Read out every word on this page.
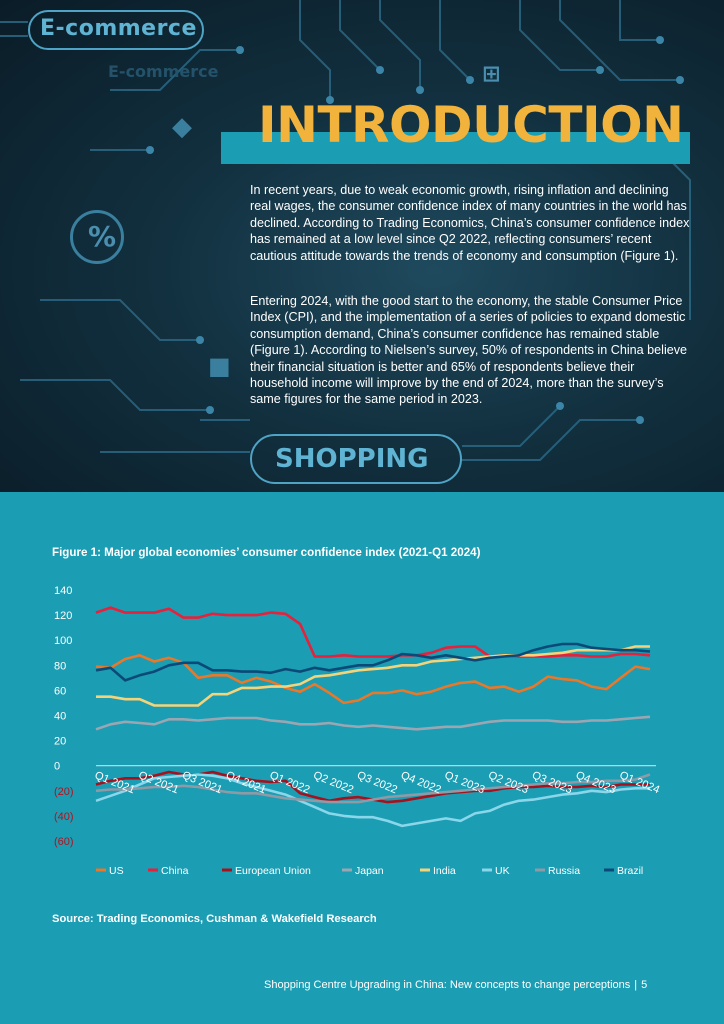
E-commerce
E-commerce
◆
⊞
%
■
INTRODUCTION

In recent years, due to weak economic growth, rising inflation and declining real wages, the consumer confidence index of many countries in the world has declined. According to Trading Economics, China’s consumer confidence index has remained at a low level since Q2 2022, reflecting consumers’ recent cautious attitude towards the trends of economy and consumption (Figure 1).

Entering 2024, with the good start to the economy, the stable Consumer Price Index (CPI), and the implementation of a series of policies to expand domestic consumption demand, China’s consumer confidence has remained stable (Figure 1). According to Nielsen’s survey, 50% of respondents in China believe their financial situation is better and 65% of respondents believe their household income will improve by the end of 2024, more than the survey’s same figures for the same period in 2023.

SHOPPING
Figure 1: Major global economies’ consumer confidence index (2021-Q1 2024)
140
120
100
80
60
40
20
0
(20)
(40)
(60)
Q1 2021 Q2 2021 Q3 2021 Q4 2021 Q1 2022 Q2 2022 Q3 2022 Q4 2022 Q1 2023 Q2 2023 Q3 2023 Q4 2023 Q1 2024
US	China	European Union	Japan	India	UK	Russia	Brazil
Source: Trading Economics, Cushman & Wakefield Research
Shopping Centre Upgrading in China: New concepts to change perceptions | 5
